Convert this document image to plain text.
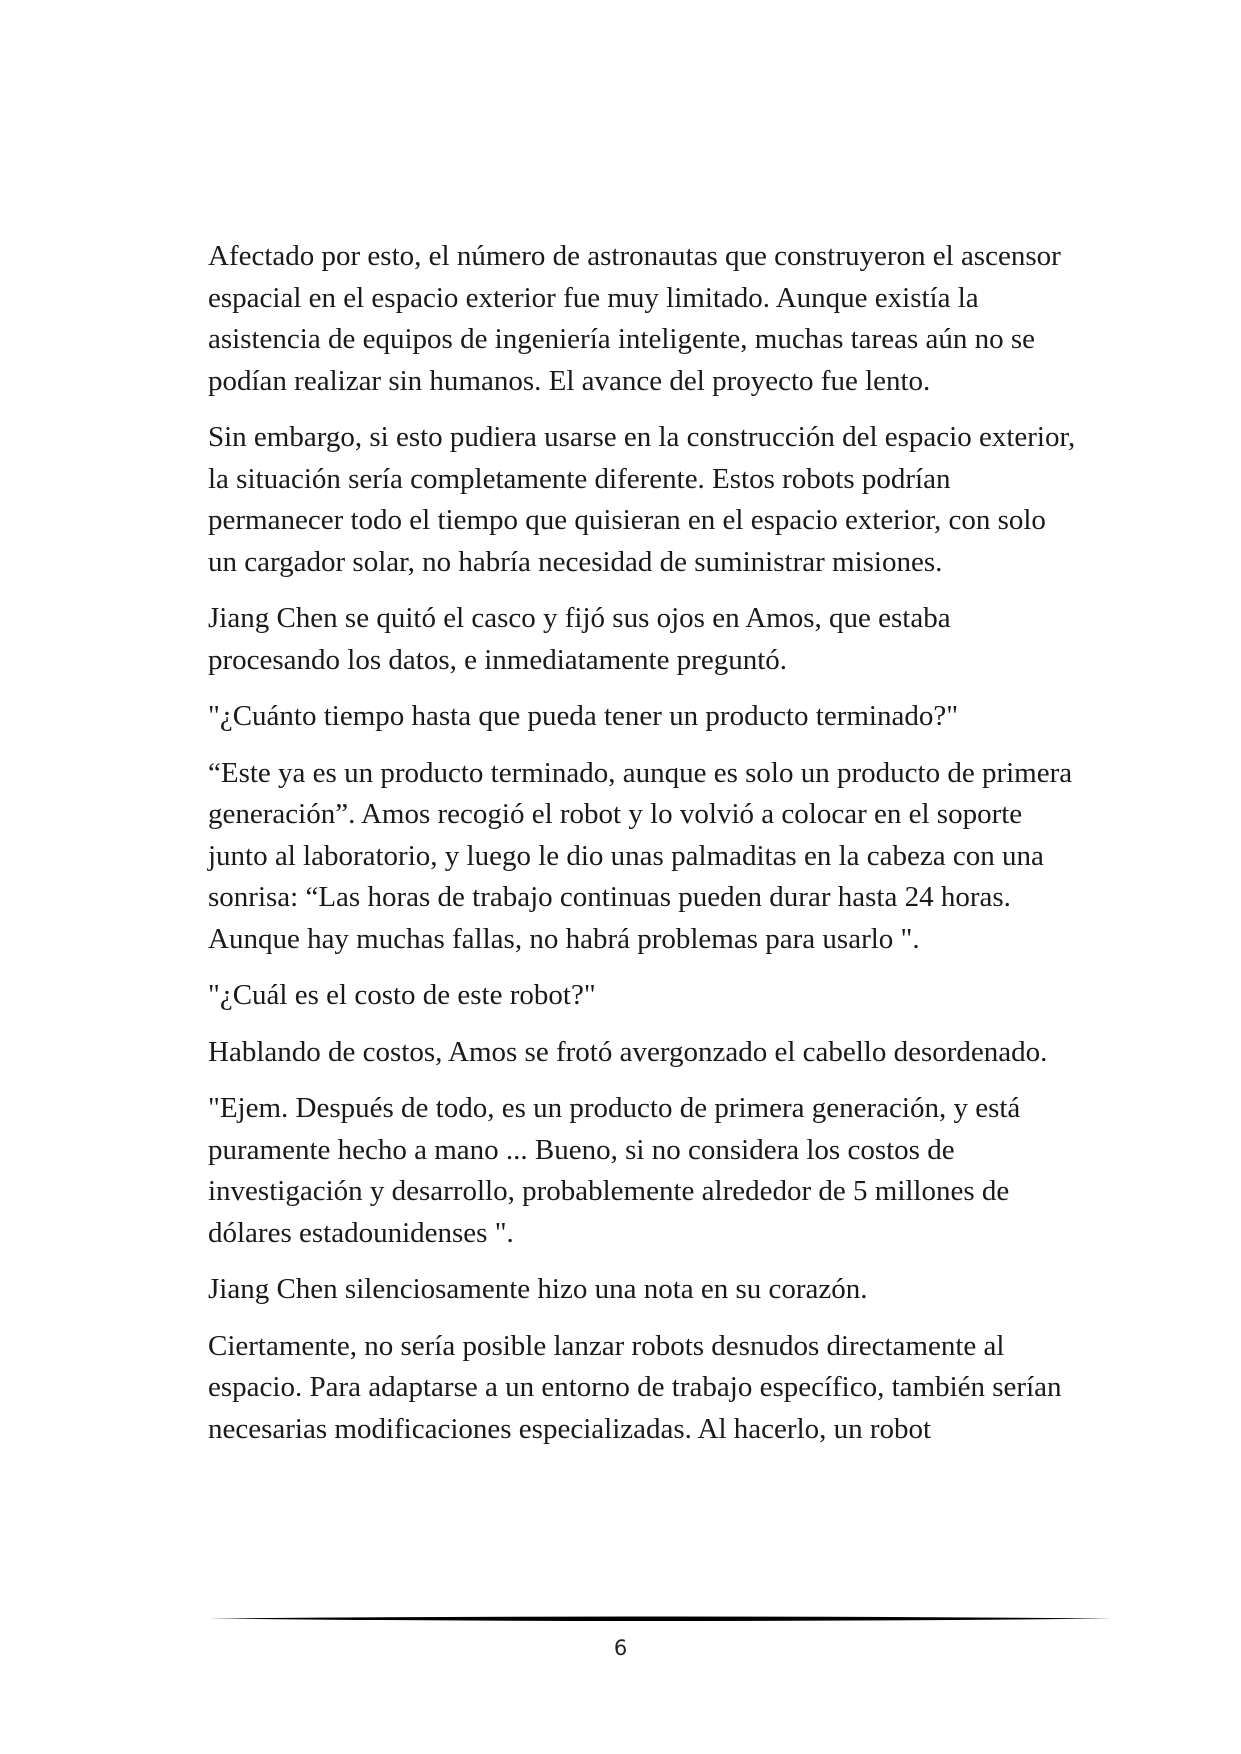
Afectado por esto, el número de astronautas que construyeron el ascensor espacial en el espacio exterior fue muy limitado. Aunque existía la asistencia de equipos de ingeniería inteligente, muchas tareas aún no se podían realizar sin humanos. El avance del proyecto fue lento.

Sin embargo, si esto pudiera usarse en la construcción del espacio exterior, la situación sería completamente diferente. Estos robots podrían permanecer todo el tiempo que quisieran en el espacio exterior, con solo un cargador solar, no habría necesidad de suministrar misiones.

Jiang Chen se quitó el casco y fijó sus ojos en Amos, que estaba procesando los datos, e inmediatamente preguntó.

"¿Cuánto tiempo hasta que pueda tener un producto terminado?"

“Este ya es un producto terminado, aunque es solo un producto de primera generación”. Amos recogió el robot y lo volvió a colocar en el soporte junto al laboratorio, y luego le dio unas palmaditas en la cabeza con una sonrisa: “Las horas de trabajo continuas pueden durar hasta 24 horas. Aunque hay muchas fallas, no habrá problemas para usarlo ".

"¿Cuál es el costo de este robot?"

Hablando de costos, Amos se frotó avergonzado el cabello desordenado.

"Ejem. Después de todo, es un producto de primera generación, y está puramente hecho a mano ... Bueno, si no considera los costos de investigación y desarrollo, probablemente alrededor de 5 millones de dólares estadounidenses ".

Jiang Chen silenciosamente hizo una nota en su corazón.

Ciertamente, no sería posible lanzar robots desnudos directamente al espacio. Para adaptarse a un entorno de trabajo específico, también serían necesarias modificaciones especializadas. Al hacerlo, un robot

6
